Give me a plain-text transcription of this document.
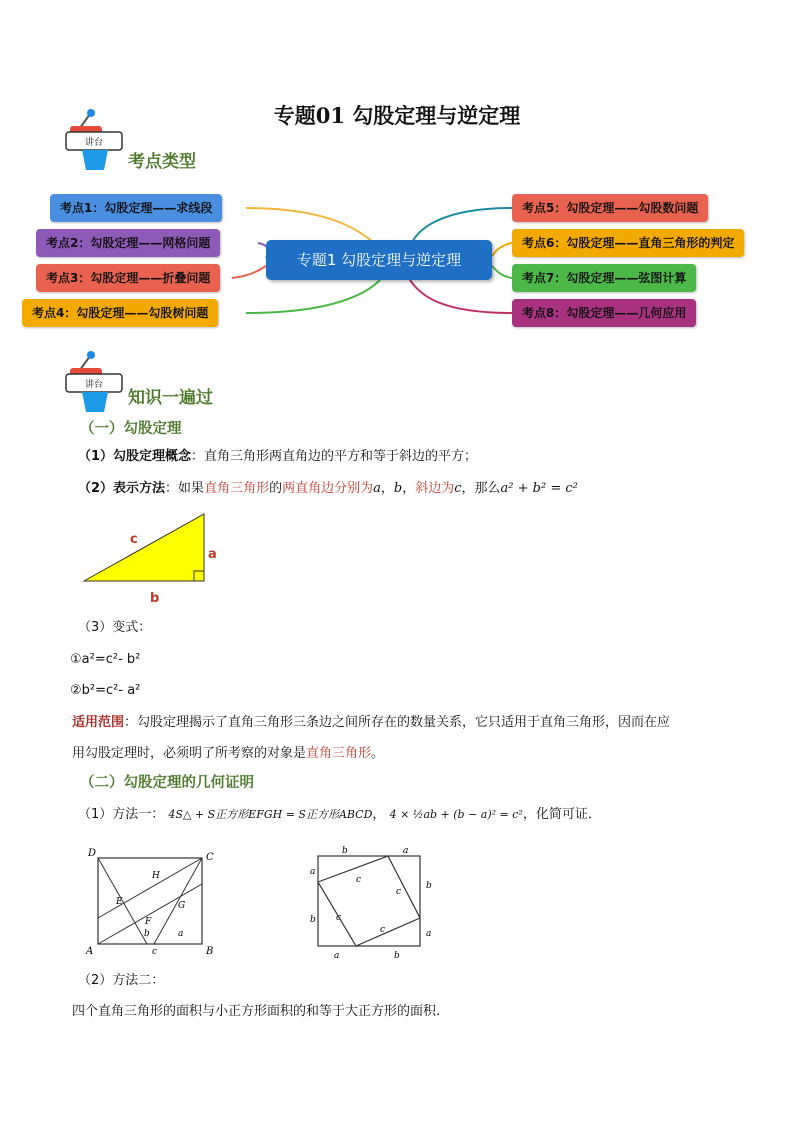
专题01 勾股定理与逆定理
讲台
考点类型
专题1 勾股定理与逆定理
考点1：勾股定理——求线段
考点2：勾股定理——网格问题
考点3：勾股定理——折叠问题
考点4：勾股定理——勾股树问题
考点5：勾股定理——勾股数问题
考点6：勾股定理——直角三角形的判定
考点7：勾股定理——弦图计算
考点8：勾股定理——几何应用
讲台
知识一遍过
（一）勾股定理
（1）勾股定理概念：直角三角形两直角边的平方和等于斜边的平方；
（2）表示方法：如果直角三角形的两直角边分别为a，b，斜边为c，那么a² + b² = c²
c
a
b
（3）变式：
①a²=c²- b²
②b²=c²- a²
适用范围：勾股定理揭示了直角三角形三条边之间所存在的数量关系，它只适用于直角三角形，因而在应
用勾股定理时，必须明了所考察的对象是直角三角形。
（二）勾股定理的几何证明
（1）方法一： 4S△ + S正方形EFGH = S正方形ABCD， 4 × ½ab + (b − a)² = c²，化简可证．
D	C
A	B
H
E
F
G
b	a
c
b	a
a
b
b
a
a	b
c
c
c
c
（2）方法二：
四个直角三角形的面积与小正方形面积的和等于大正方形的面积．
